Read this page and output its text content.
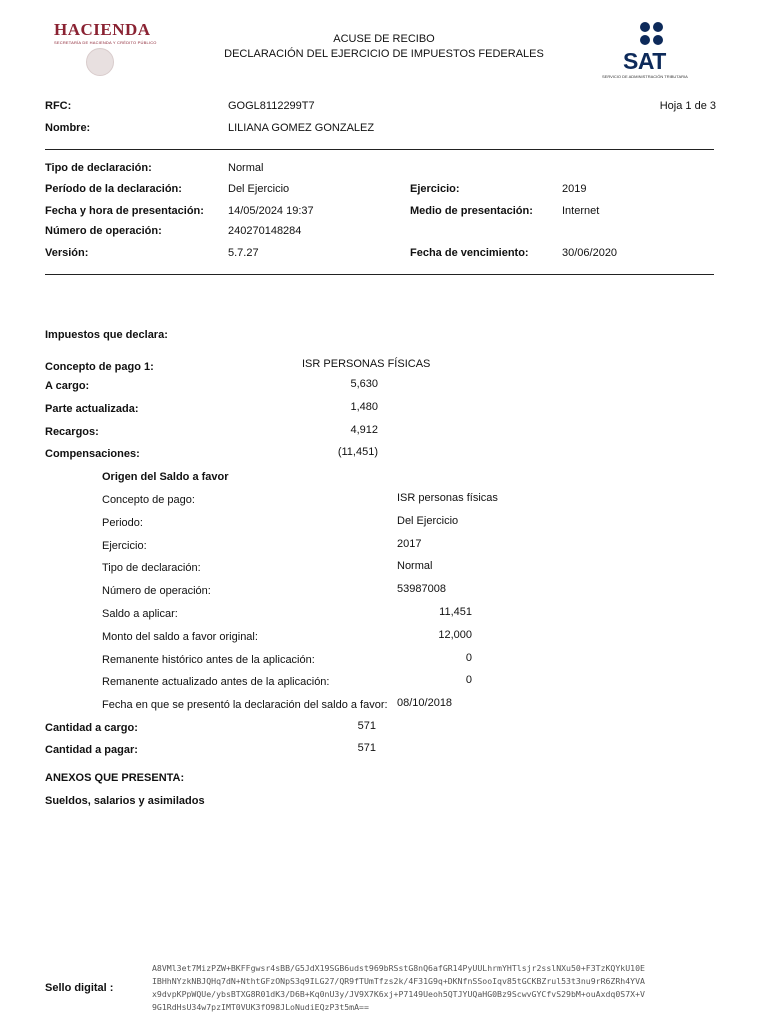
HACIENDA
SECRETARÍA DE HACIENDA Y CRÉDITO PÚBLICO
SAT
SERVICIO DE ADMINISTRACIÓN TRIBUTARIA
ACUSE DE RECIBO
DECLARACIÓN DEL EJERCICIO DE IMPUESTOS FEDERALES
RFC:	GOGL8112299T7	Hoja 1 de 3
Nombre:	LILIANA GOMEZ GONZALEZ
Tipo de declaración:	Normal
Período de la declaración:	Del Ejercicio	Ejercicio:	2019
Fecha y hora de presentación: 14/05/2024 19:37	Medio de presentación:	Internet
Número de operación:	240270148284
Versión:	5.7.27	Fecha de vencimiento:	30/06/2020
Impuestos que declara:
Concepto de pago 1:	ISR PERSONAS FÍSICAS
A cargo:	5,630
Parte actualizada:	1,480
Recargos:	4,912
Compensaciones:	(11,451)
Origen del Saldo a favor
Concepto de pago:	ISR personas físicas
Periodo:	Del Ejercicio
Ejercicio:	2017
Tipo de declaración:	Normal
Número de operación:	53987008
Saldo a aplicar:	11,451
Monto del saldo a favor original:	12,000
Remanente histórico antes de la aplicación:	0
Remanente actualizado antes de la aplicación:	0
Fecha en que se presentó la declaración del saldo a favor: 08/10/2018
Cantidad a cargo:	571
Cantidad a pagar:	571
ANEXOS QUE PRESENTA:
Sueldos, salarios y asimilados
Sello digital :
A8VMl3et7MizPZW+BKFFgwsr4sBB/G5JdX19SGB6udst969bRSstG8nQ6afGR14PyUULhrmYHTlsjr2sslNXu50+F3TzKQYkU10E
IBHhNYzkNBJQHq7dN+NthtGFzONpS3q9ILG27/QR9fTUmTfzs2k/4F31G9q+DKNfnSSooIqv85tGCKBZrul53t3nu9rR6ZRh4YVA
x9dvpKPpWQUe/ybsBTXG8R01dK3/D6B+Kq0nU3y/JV9X7K6xj+P7149Ueoh5QTJYUQaHG0Bz9ScwvGYCfvS29bM+ouAxdq0S7X+V
9G1RdHsU34w7pzIMT0VUK3fO98JLoNudiEQzP3t5mA==
